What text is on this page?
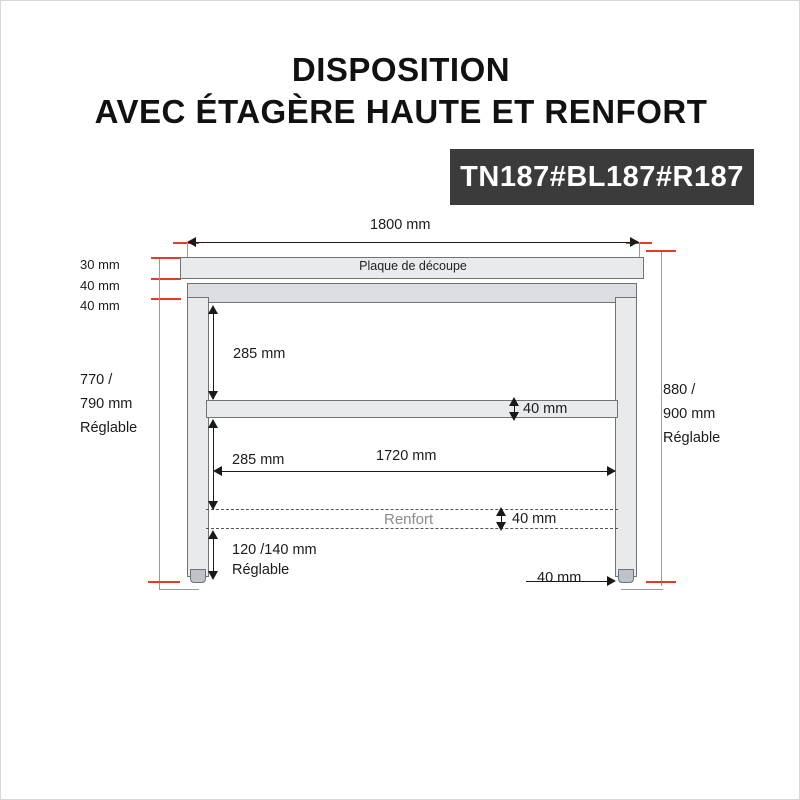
DISPOSITION
AVEC ÉTAGÈRE HAUTE ET RENFORT
TN187#BL187#R187
1800 mm
30 mm
40 mm
40 mm
770 /
790 mm
Réglable
880 /
900 mm
Réglable
Plaque de découpe
Renfort
285 mm
285 mm
40 mm
1720 mm
40 mm
120 /140 mm
Réglable	40 mm
